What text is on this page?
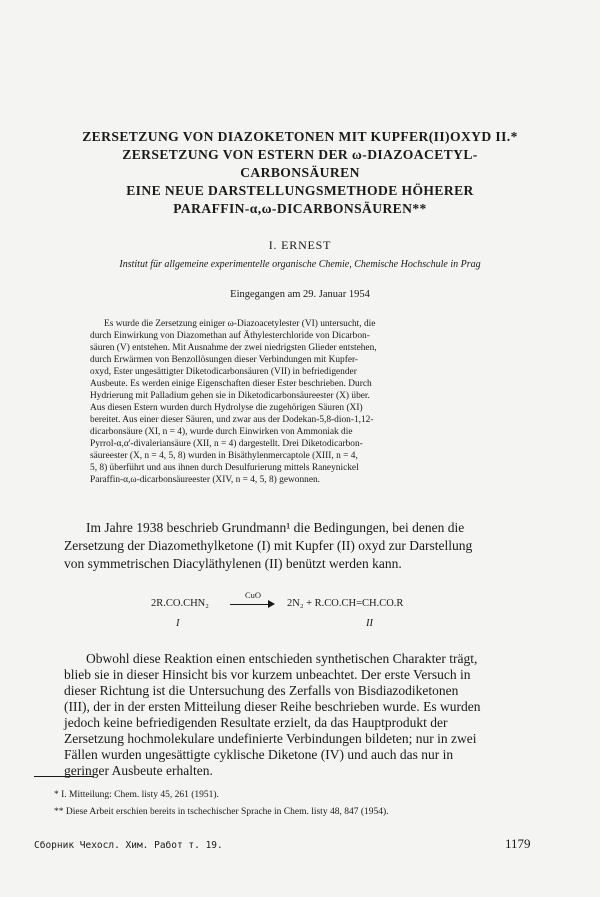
ZERSETZUNG VON DIAZOKETONEN MIT KUPFER(II)OXYD II.*
ZERSETZUNG VON ESTERN DER ω-DIAZOACETYL-
CARBONSÄUREN
EINE NEUE DARSTELLUNGSMETHODE HÖHERER
PARAFFIN-α,ω-DICARBONSÄUREN**
I. ERNEST
Institut für allgemeine experimentelle organische Chemie, Chemische Hochschule in Prag
Eingegangen am 29. Januar 1954
Es wurde die Zersetzung einiger ω-Diazoacetylester (VI) untersucht, die
durch Einwirkung von Diazomethan auf Äthylesterchloride von Dicarbon-
säuren (V) entstehen. Mit Ausnahme der zwei niedrigsten Glieder entstehen,
durch Erwärmen von Benzollösungen dieser Verbindungen mit Kupfer-
oxyd, Ester ungesättigter Diketodicarbonsäuren (VII) in befriedigender
Ausbeute. Es werden einige Eigenschaften dieser Ester beschrieben. Durch
Hydrierung mit Palladium gehen sie in Diketodicarbonsäureester (X) über.
Aus diesen Estern wurden durch Hydrolyse die zugehörigen Säuren (XI)
bereitet. Aus einer dieser Säuren, und zwar aus der Dodekan-5,8-dion-1,12-
dicarbonsäure (XI, n = 4), wurde durch Einwirken von Ammoniak die
Pyrrol-α,α'-divaleriansäure (XII, n = 4) dargestellt. Drei Diketodicarbon-
säureester (X, n = 4, 5, 8) wurden in Bisäthylenmercaptole (XIII, n = 4,
5, 8) überführt und aus ihnen durch Desulfurierung mittels Raneynickel
Paraffin-α,ω-dicarbonsäureester (XIV, n = 4, 5, 8) gewonnen.
Im Jahre 1938 beschrieb Grundmann¹ die Bedingungen, bei denen die
Zersetzung der Diazomethylketone (I) mit Kupfer (II) oxyd zur Darstellung
von symmetrischen Diacyläthylenen (II) benützt werden kann.
2R.CO.CHN₂
CuO
2N₂ + R.CO.CH=CH.CO.R
I	II
Obwohl diese Reaktion einen entschieden synthetischen Charakter trägt,
blieb sie in dieser Hinsicht bis vor kurzem unbeachtet. Der erste Versuch in
dieser Richtung ist die Untersuchung des Zerfalls von Bisdiazodiketonen
(III), der in der ersten Mitteilung dieser Reihe beschrieben wurde. Es wurden
jedoch keine befriedigenden Resultate erzielt, da das Hauptprodukt der
Zersetzung hochmolekulare undefinierte Verbindungen bildeten; nur in zwei
Fällen wurden ungesättigte cyklische Diketone (IV) und auch das nur in
geringer Ausbeute erhalten.
* I. Mitteilung: Chem. listy 45, 261 (1951).
** Diese Arbeit erschien bereits in tschechischer Sprache in Chem. listy 48, 847 (1954).
Сборник Чехосл. Хим. Работ т. 19.	1179
